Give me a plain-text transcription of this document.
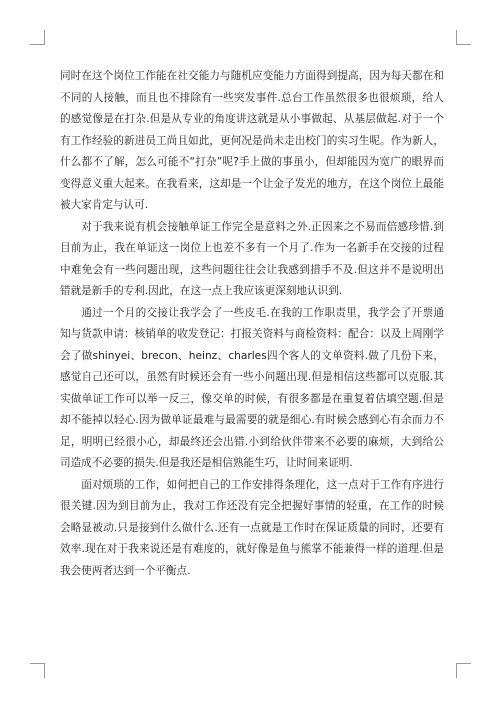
同时在这个岗位工作能在社交能力与随机应变能力方面得到提高，因为每天都在和不同的人接触，而且也不排除有一些突发事件.总台工作虽然很多也很烦琐，给人的感觉像是在打杂.但是从专业的角度讲这就是从小事做起、从基层做起.对于一个有工作经验的新进员工尚且如此，更何况是尚未走出校门的实习生呢。作为新人，什么都不了解，怎么可能不“打杂”呢?手上做的事虽小，但却能因为宽广的眼界而变得意义重大起来。在我看来，这却是一个让金子发光的地方，在这个岗位上最能被大家肯定与认可.

对于我来说有机会接触单证工作完全是意料之外.正因来之不易而倍感珍惜.到目前为止，我在单证这一岗位上也差不多有一个月了.作为一名新手在交接的过程中难免会有一些问题出现，这些问题往往会让我感到措手不及.但这并不是说明出错就是新手的专利.因此，在这一点上我应该更深刻地认识到.

通过一个月的交接让我学会了一些皮毛.在我的工作职责里，我学会了开票通知与货款申请：核销单的收发登记：打报关资料与商检资料：配合：以及上周刚学会了做shinyei、brecon、heinz、charles四个客人的文单资料.做了几份下来，感觉自己还可以，虽然有时候还会有一些小问题出现.但是相信这些都可以克服.其实做单证工作可以举一反三，像交单的时候，有很多都是在重复着估填空题.但是却不能掉以轻心.因为做单证最难与最需要的就是细心.有时候会感到心有余而力不足，明明已经很小心，却最终还会出错.小到给伙伴带来不必要的麻烦，大到给公司造成不必要的损失.但是我还是相信熟能生巧，让时间来证明.

面对烦琐的工作，如何把自己的工作安排得条理化，这一点对于工作有序进行很关键.因为到目前为止，我对工作还没有完全把握好事情的轻重，在工作的时候会略显被动.只是接到什么做什么.还有一点就是工作时在保证质量的同时，还要有效率.现在对于我来说还是有难度的，就好像是鱼与熊掌不能兼得一样的道理.但是我会使两者达到一个平衡点.
